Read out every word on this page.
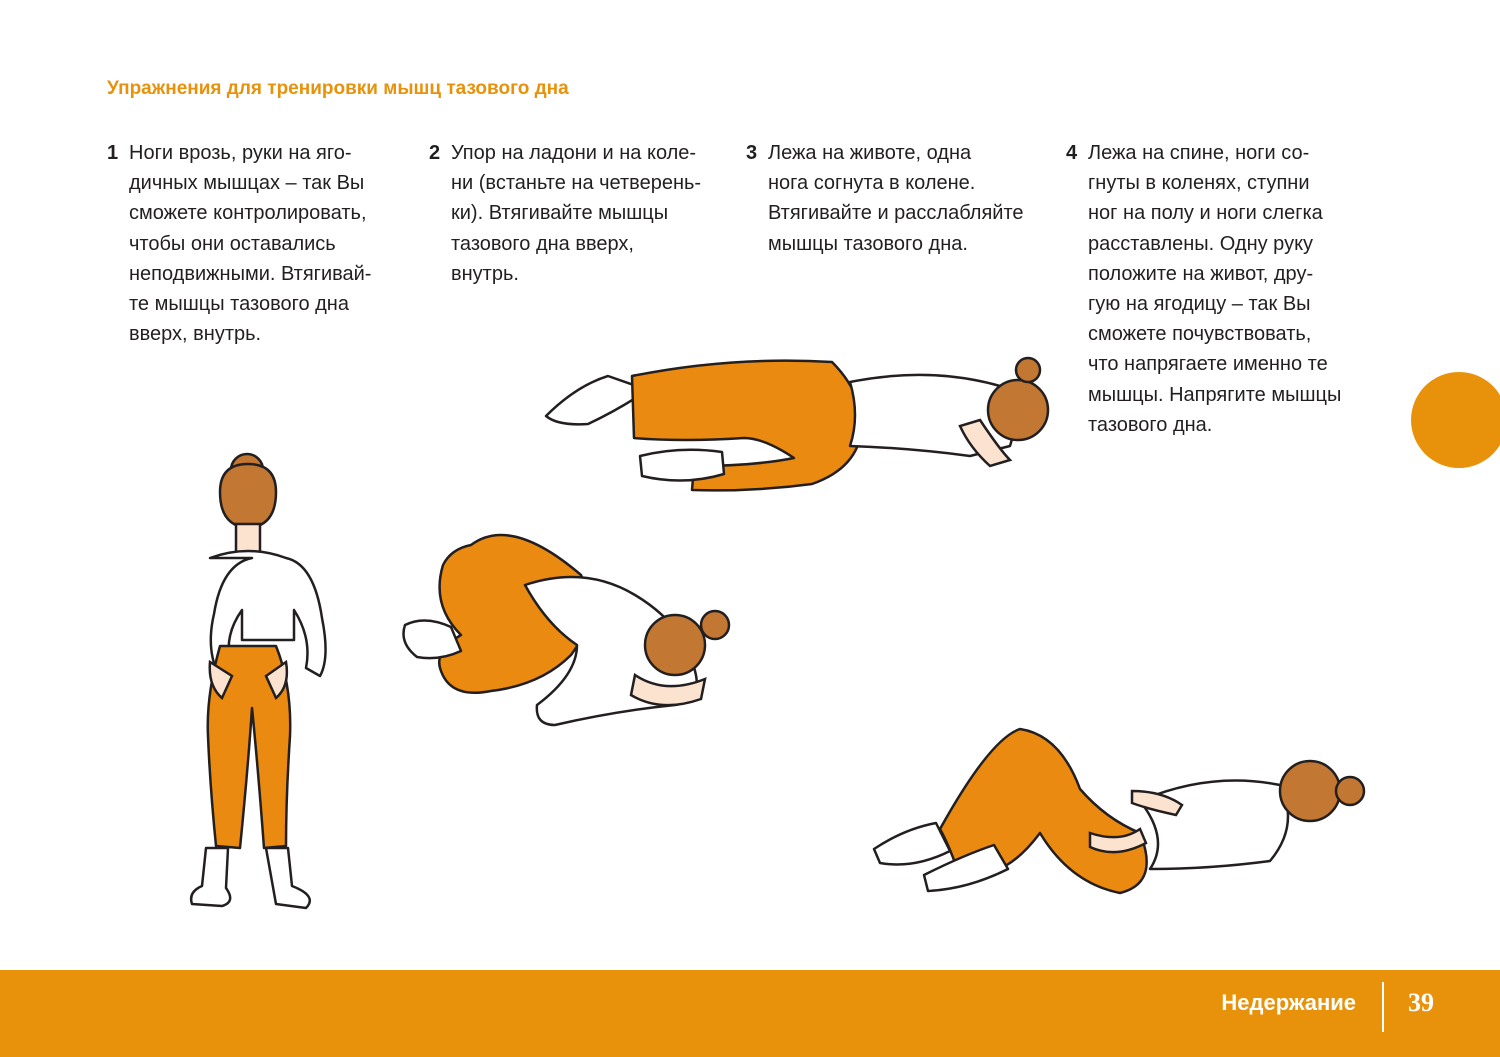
Упражнения для тренировки мышц тазового дна
1 Ноги врозь, руки на яго-
дичных мышцах – так Вы
сможете контролировать,
чтобы они оставались
неподвижными. Втягивай-
те мышцы тазового дна
вверх, внутрь.
2 Упор на ладони и на коле-
ни (встаньте на четверень-
ки). Втягивайте мышцы
тазового дна вверх,
внутрь.
3 Лежа на животе, одна
нога согнута в колене.
Втягивайте и расслабляйте
мышцы тазового дна.
4 Лежа на спине, ноги со-
гнуты в коленях, ступни
ног на полу и ноги слегка
расставлены. Одну руку
положите на живот, дру-
гую на ягодицу – так Вы
сможете почувствовать,
что напрягаете именно те
мышцы. Напрягите мышцы
тазового дна.
Недержание 39
